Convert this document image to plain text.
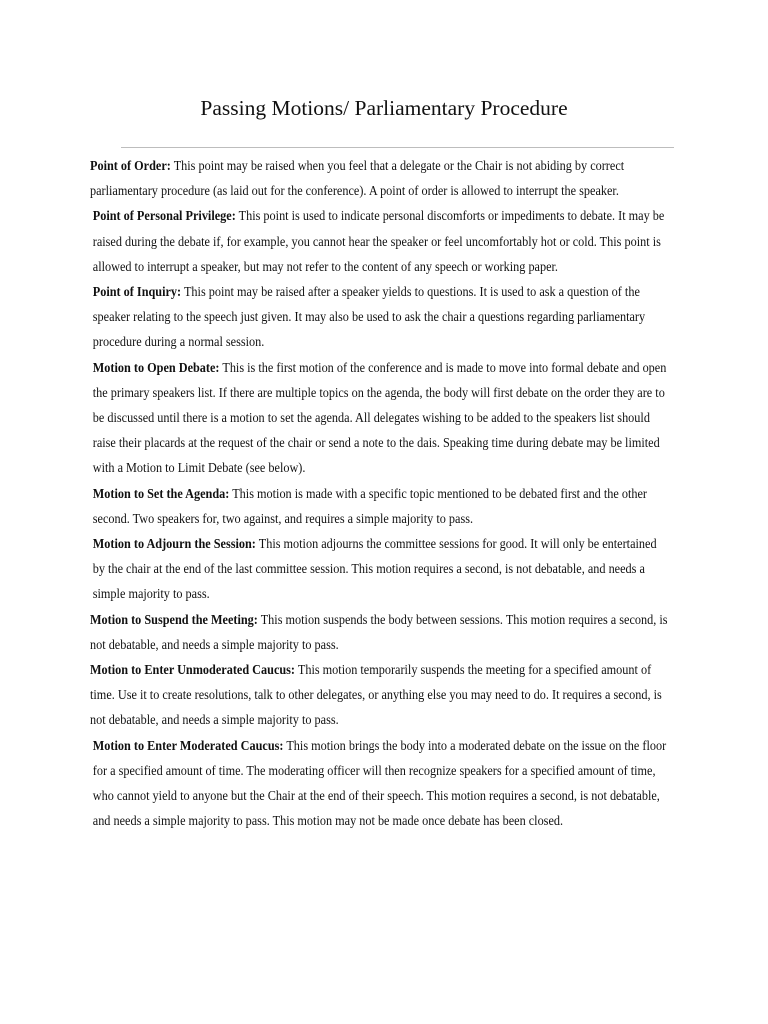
Passing Motions/ Parliamentary Procedure

Point of Order: This point may be raised when you feel that a delegate or the Chair is not abiding by correct parliamentary procedure (as laid out for the conference). A point of order is allowed to interrupt the speaker.

Point of Personal Privilege: This point is used to indicate personal discomforts or impediments to debate. It may be raised during the debate if, for example, you cannot hear the speaker or feel uncomfortably hot or cold. This point is allowed to interrupt a speaker, but may not refer to the content of any speech or working paper.

Point of Inquiry: This point may be raised after a speaker yields to questions. It is used to ask a question of the speaker relating to the speech just given. It may also be used to ask the chair a questions regarding parliamentary procedure during a normal session.

Motion to Open Debate: This is the first motion of the conference and is made to move into formal debate and open the primary speakers list. If there are multiple topics on the agenda, the body will first debate on the order they are to be discussed until there is a motion to set the agenda. All delegates wishing to be added to the speakers list should raise their placards at the request of the chair or send a note to the dais. Speaking time during debate may be limited with a Motion to Limit Debate (see below).

Motion to Set the Agenda: This motion is made with a specific topic mentioned to be debated first and the other second. Two speakers for, two against, and requires a simple majority to pass.

Motion to Adjourn the Session: This motion adjourns the committee sessions for good. It will only be entertained by the chair at the end of the last committee session. This motion requires a second, is not debatable, and needs a simple majority to pass.

Motion to Suspend the Meeting: This motion suspends the body between sessions. This motion requires a second, is not debatable, and needs a simple majority to pass.

Motion to Enter Unmoderated Caucus: This motion temporarily suspends the meeting for a specified amount of time. Use it to create resolutions, talk to other delegates, or anything else you may need to do. It requires a second, is not debatable, and needs a simple majority to pass.

Motion to Enter Moderated Caucus: This motion brings the body into a moderated debate on the issue on the floor for a specified amount of time. The moderating officer will then recognize speakers for a specified amount of time, who cannot yield to anyone but the Chair at the end of their speech. This motion requires a second, is not debatable, and needs a simple majority to pass. This motion may not be made once debate has been closed.
